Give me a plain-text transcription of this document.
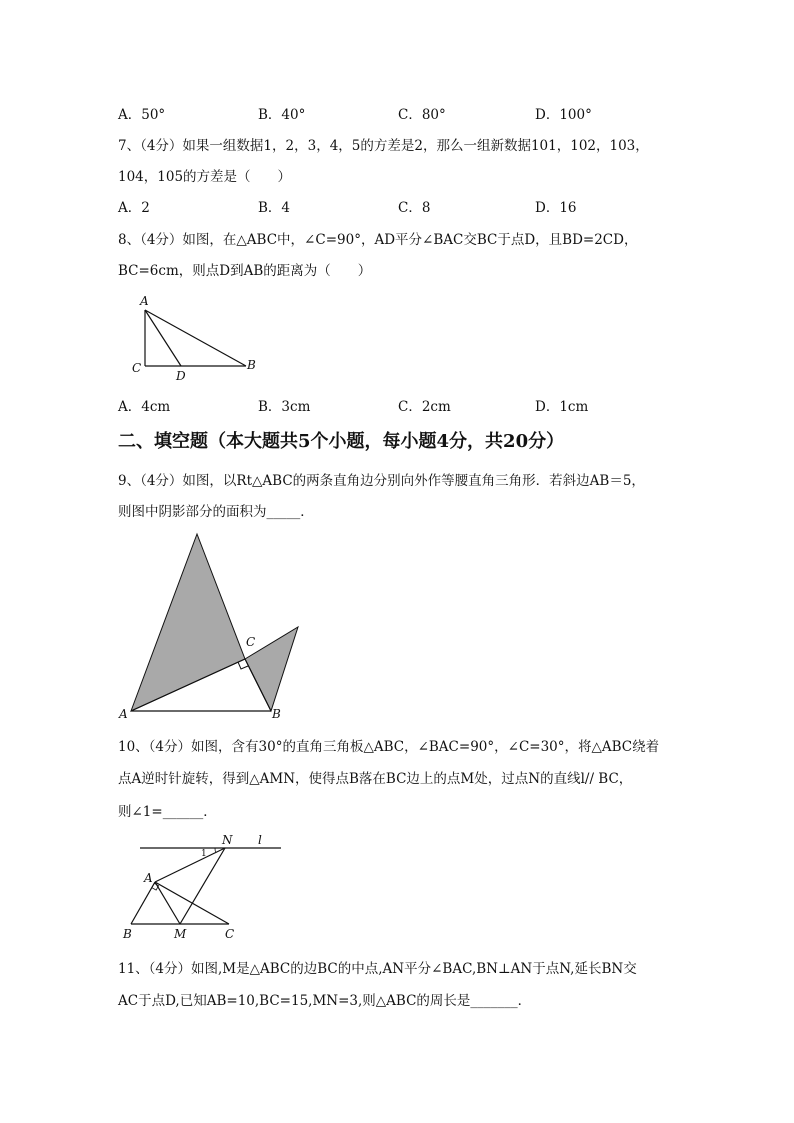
A．50°	B．40°	C．80°	D．100°
7、（4分）如果一组数据1，2，3，4，5的方差是2，那么一组新数据101，102，103，
104，105的方差是（　　）
A．2	B．4	C．8	D．16
8、（4分）如图，在△ABC中，∠C=90°，AD平分∠BAC交BC于点D，且BD=2CD，
BC=6cm，则点D到AB的距离为（　　）
A
C
D
B
A．4cm	B．3cm	C．2cm	D．1cm
二、填空题（本大题共5个小题，每小题4分，共20分）
9、（4分）如图，以Rt△ABC的两条直角边分别向外作等腰直角三角形．若斜边AB＝5，
则图中阴影部分的面积为_____．
C
A	B
10、（4分）如图，含有30°的直角三角板△ABC，∠BAC=90°，∠C=30°，将△ABC绕着
点A逆时针旋转，得到△AMN，使得点B落在BC边上的点M处，过点N的直线l// BC，
则∠1=______．
N l
1
A
B	M	C
11、（4分）如图,M是△ABC的边BC的中点,AN平分∠BAC,BN⊥AN于点N,延长BN交
AC于点D,已知AB=10,BC=15,MN=3,则△ABC的周长是_______．
